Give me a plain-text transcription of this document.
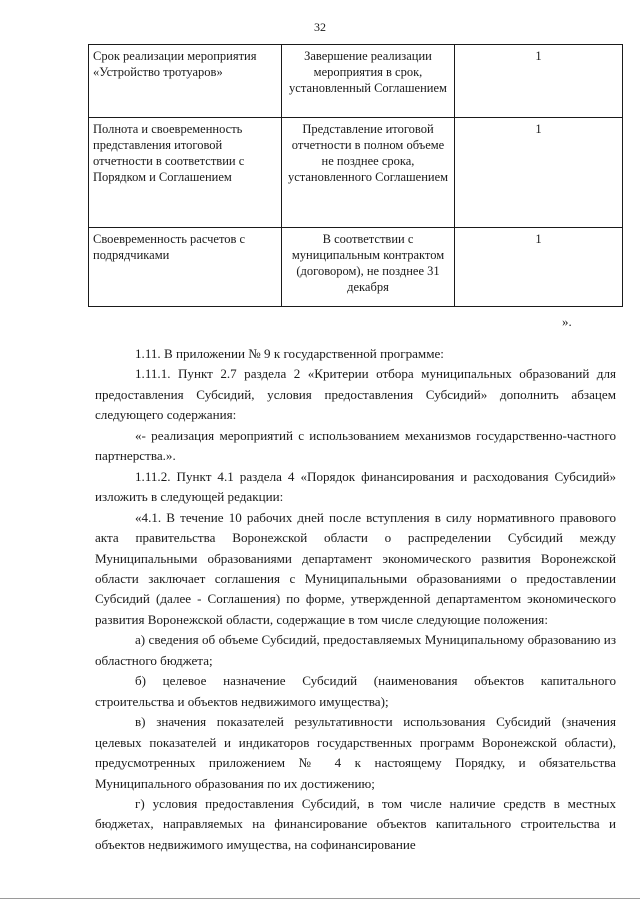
32
Срок реализации мероприятия «Устройство тротуаров»	Завершение реализации мероприятия в срок, установленный Соглашением	1
Полнота и своевременность представления итоговой отчетности в соответствии с Порядком и Соглашением	Представление итоговой отчетности в полном объеме не позднее срока, установленного Соглашением	1
Своевременность расчетов с подрядчиками	В соответствии с муниципальным контрактом (договором), не позднее 31 декабря	1
».

1.11. В приложении № 9 к государственной программе:

1.11.1. Пункт 2.7 раздела 2 «Критерии отбора муниципальных образований для предоставления Субсидий, условия предоставления Субсидий» дополнить абзацем следующего содержания:

«- реализация мероприятий с использованием механизмов государственно-частного партнерства.».

1.11.2. Пункт 4.1 раздела 4 «Порядок финансирования и расходования Субсидий» изложить в следующей редакции:

«4.1. В течение 10 рабочих дней после вступления в силу нормативного правового акта правительства Воронежской области о распределении Субсидий между Муниципальными образованиями департамент экономического развития Воронежской области заключает соглашения с Муниципальными образованиями о предоставлении Субсидий (далее - Соглашения) по форме, утвержденной департаментом экономического развития Воронежской области, содержащие в том числе следующие положения:

а) сведения об объеме Субсидий, предоставляемых Муниципальному образованию из областного бюджета;

б) целевое назначение Субсидий (наименования объектов капитального строительства и объектов недвижимого имущества);

в) значения показателей результативности использования Субсидий (значения целевых показателей и индикаторов государственных программ Воронежской области), предусмотренных приложением № 4 к настоящему Порядку, и обязательства Муниципального образования по их достижению;

г) условия предоставления Субсидий, в том числе наличие средств в местных бюджетах, направляемых на финансирование объектов капитального строительства и объектов недвижимого имущества, на софинансирование
